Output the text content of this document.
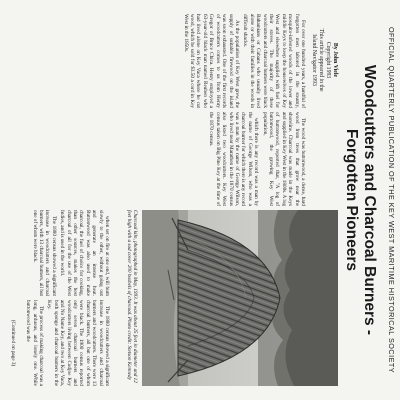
OFFICIAL QUARTERLY PUBLICATION OF THE KEY WEST MARITIME HISTORICAL SOCIETY
Woodcutters and Charcoal Burners -
Forgotten Pioneers
By John Viele
Copyright 1993
This article appeared in the
Island Navigator 1993

For over one hundred years, a handful of forgotten men labored in the steamy, mosquito-infested woods of the lower and middle Keys to keep the housewives of Key West and elsewhere supplied with fuel for their stoves. The majority of these woodcutters and charcoal burners were black Bahamians or Cubans who usually lived alone or with their families in the woods in difficult shacks.

As the population of Key West grew, the supply of suitable firewood on the island was soon exhausted. One of the first records of woodcutters comes to us from Henry Gregor of Bruce Chica. Henry employed a 63-year-old black man named Reuben who had lived alone on Key Vaca where he cut wood, which he sold for $3.50 a cord in Key West in the 1850s.

The wood was buttonwood, a dense, hard wood from trees that grow near the shoreline. Charcoal was made in the Keys and supplied in Key West in the 1800s. A log of buttonwood, reported that, "A log of buttonwood, the growing Key West population,

which there is any record was a man by the name of George Wilson, who was a charcoal burner for which there is any record was a man by the name of George Wilson, who lived near Marathon in the 1870 census also listed two woodcutters. Key West census taken on Big Pine Key at the time of the 1870 census.

Charcoal kiln, photographed in May, 1993. It was about 25 feet in diameter and 12 feet high with a sod cover 200 bushels of charcoal. Photo credit: Stetson Kennedy

when set on fire at one end, will burn slowly to the other, without going out and generate an intense heat. Buttonwood was also used to make charcoal, the fuel of choice for cooking, than other sources, makes the best charcoal of all for the use of the West Indies, and is used in the world.

The 1880 census showed a significant increase in woodcutters and charcoal burners, with 13 charcoal burners, all but one of whom were black.

The 1880 census showed a significant increase in woodcutters and charcoal burners and woodcutters. There were 13 charcoal burners, all but one of whom were black. The 1900 census reported only seven charcoal burners and woodcutters living between Cudjoe Key and No Name Key, and two at Key Vaca, both sponge and charcoal burners in the Key.

The process of making charcoal was a long, arduous, and lonely one. While buttonwood was the

(Continued on page 3)
